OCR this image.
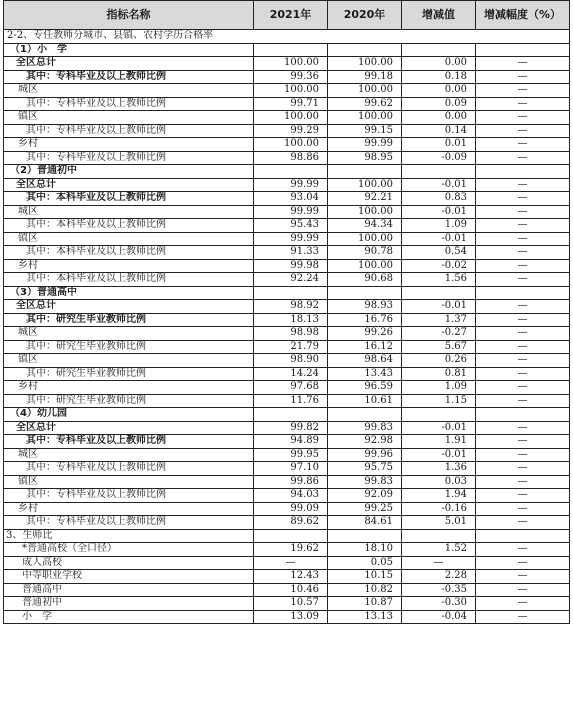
指标名称	2021年	2020年	增减值	增减幅度（%）
2-2、专任教师分城市、县镇、农村学历合格率				
（1）小　学				
全区总计	100.00	100.00	0.00	—
其中：专科毕业及以上教师比例	99.36	99.18	0.18	—
城区	100.00	100.00	0.00	—
其中：专科毕业及以上教师比例	99.71	99.62	0.09	—
镇区	100.00	100.00	0.00	—
其中：专科毕业及以上教师比例	99.29	99.15	0.14	—
乡村	100.00	99.99	0.01	—
其中：专科毕业及以上教师比例	98.86	98.95	-0.09	—
（2）普通初中				
全区总计	99.99	100.00	-0.01	—
其中：本科毕业及以上教师比例	93.04	92.21	0.83	—
城区	99.99	100.00	-0.01	—
其中：本科毕业及以上教师比例	95.43	94.34	1.09	—
镇区	99.99	100.00	-0.01	—
其中：本科毕业及以上教师比例	91.33	90.78	0.54	—
乡村	99.98	100.00	-0.02	—
其中：本科毕业及以上教师比例	92.24	90.68	1.56	—
（3）普通高中				
全区总计	98.92	98.93	-0.01	—
其中：研究生毕业教师比例	18.13	16.76	1.37	—
城区	98.98	99.26	-0.27	—
其中：研究生毕业教师比例	21.79	16.12	5.67	—
镇区	98.90	98.64	0.26	—
其中：研究生毕业教师比例	14.24	13.43	0.81	—
乡村	97.68	96.59	1.09	—
其中：研究生毕业教师比例	11.76	10.61	1.15	—
（4）幼儿园				
全区总计	99.82	99.83	-0.01	—
其中：专科毕业及以上教师比例	94.89	92.98	1.91	—
城区	99.95	99.96	-0.01	—
其中：专科毕业及以上教师比例	97.10	95.75	1.36	—
镇区	99.86	99.83	0.03	—
其中：专科毕业及以上教师比例	94.03	92.09	1.94	—
乡村	99.09	99.25	-0.16	—
其中：专科毕业及以上教师比例	89.62	84.61	5.01	—
3、生师比				
*普通高校（全口径）	19.62	18.10	1.52	—
成人高校	—	0.05	—	—
中等职业学校	12.43	10.15	2.28	—
普通高中	10.46	10.82	-0.35	—
普通初中	10.57	10.87	-0.30	—
小　学	13.09	13.13	-0.04	—
